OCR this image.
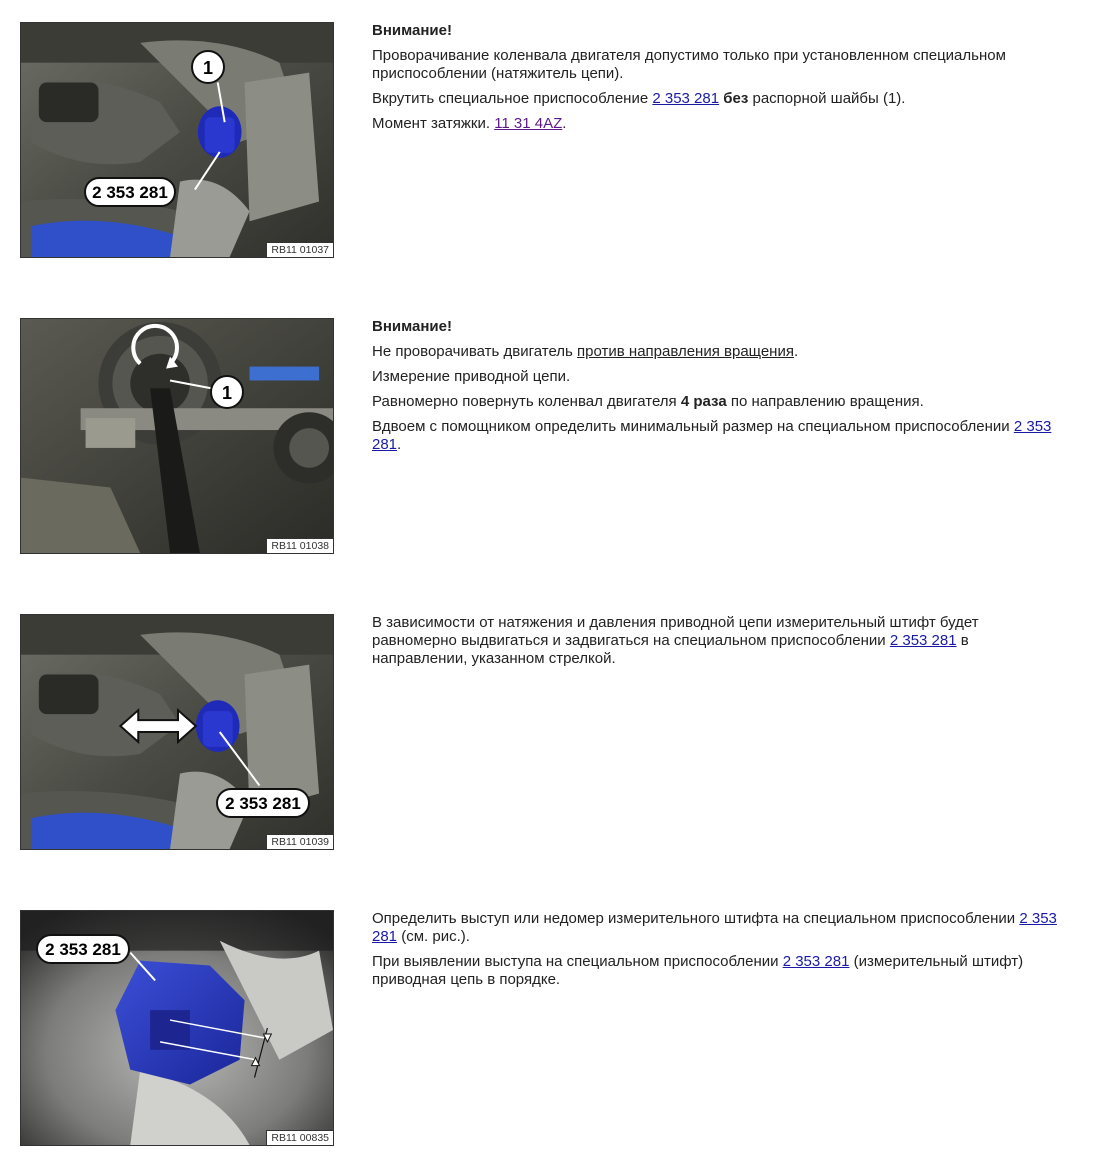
1
2 353 281
RB11 01037

Внимание!

Проворачивание коленвала двигателя допустимо только при установленном специальном приспособлении (натяжитель цепи).

Вкрутить специальное приспособление 2 353 281 без распорной шайбы (1).

Момент затяжки. 11 31 4AZ.

1
RB11 01038

Внимание!

Не проворачивать двигатель против направления вращения.

Измерение приводной цепи.

Равномерно повернуть коленвал двигателя 4 раза по направлению вращения.

Вдвоем с помощником определить минимальный размер на специальном приспособлении 2 353 281.

2 353 281
RB11 01039

В зависимости от натяжения и давления приводной цепи измерительный штифт будет равномерно выдвигаться и задвигаться на специальном приспособлении 2 353 281 в направлении, указанном стрелкой.

2 353 281
RB11 00835

Определить выступ или недомер измерительного штифта на специальном приспособлении 2 353 281 (см. рис.).

При выявлении выступа на специальном приспособлении 2 353 281 (измерительный штифт) приводная цепь в порядке.
